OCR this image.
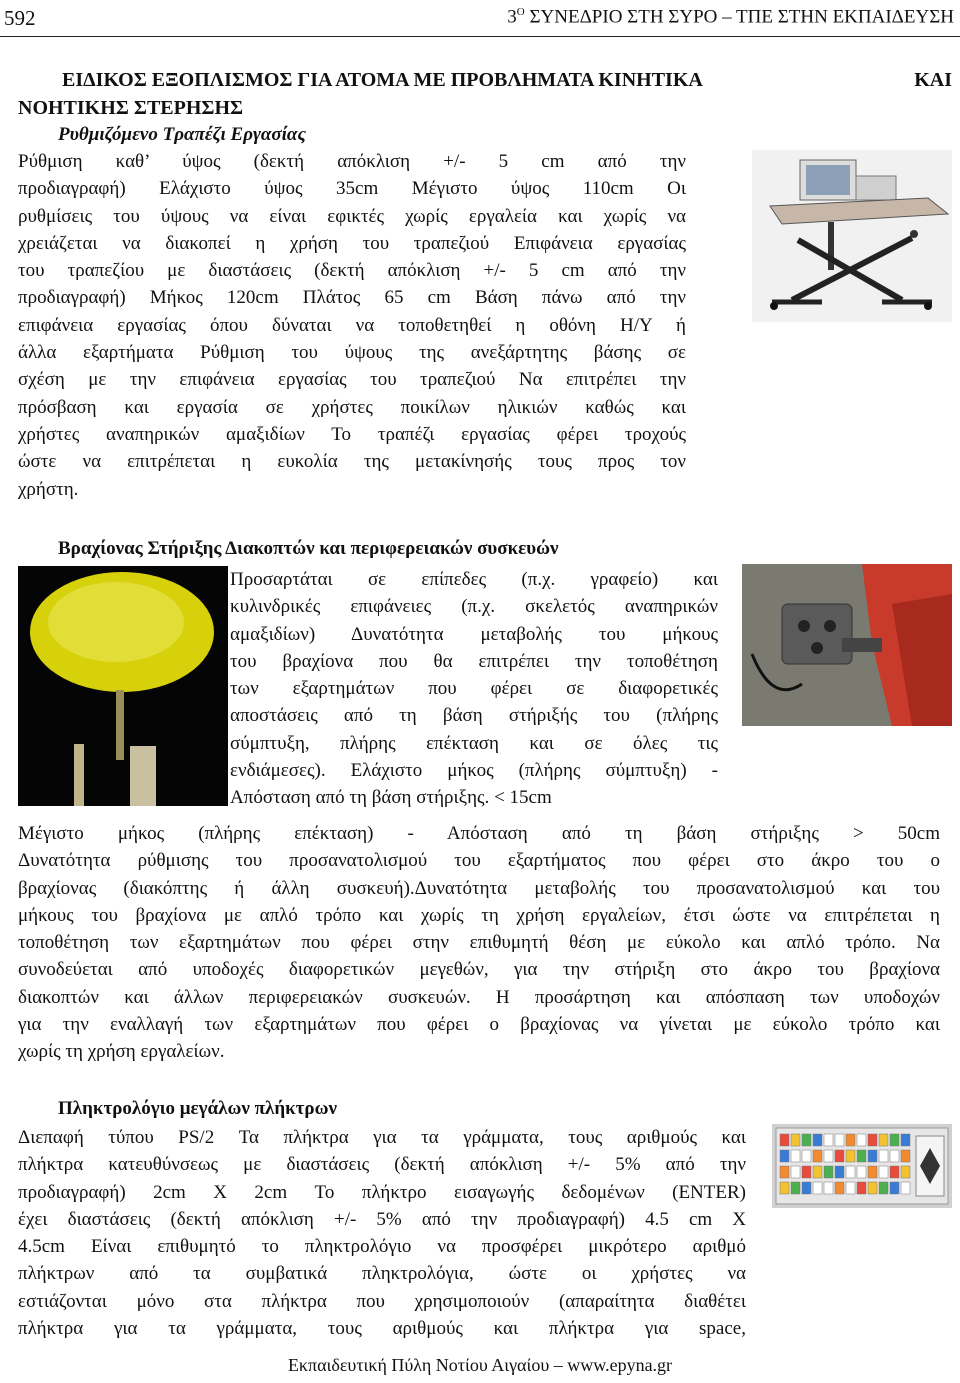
592	$3^O$ ΣΥΝΕΔΡΙΟ ΣΤΗ ΣΥΡΟ – ΤΠΕ ΣΤΗΝ ΕΚΠΑΙΔΕΥΣΗ
ΕΙΔΙΚΟΣ ΕΞΟΠΛΙΣΜΟΣ ΓΙΑ ΑΤΟΜΑ ΜΕ ΠΡΟΒΛΗΜΑΤΑ ΚΙΝΗΤΙΚΑ	ΚΑΙ
ΝΟΗΤΙΚΗΣ ΣΤΕΡΗΣΗΣ
Ρυθμιζόμενο Τραπέζι Εργασίας
Ρύθμιση καθ’ ύψος (δεκτή απόκλιση +/- 5 cm από την
προδιαγραφή) Ελάχιστο ύψος 35cm Μέγιστο ύψος 110cm Οι
ρυθμίσεις του ύψους να είναι εφικτές χωρίς εργαλεία και χωρίς να
χρειάζεται να διακοπεί η χρήση του τραπεζιού Επιφάνεια εργασίας
του τραπεζίου με διαστάσεις (δεκτή απόκλιση +/- 5 cm από την
προδιαγραφή) Μήκος 120cm Πλάτος 65 cm Βάση πάνω από την
επιφάνεια εργασίας όπου δύναται να τοποθετηθεί η οθόνη Η/Υ ή
άλλα εξαρτήματα Ρύθμιση του ύψους της ανεξάρτητης βάσης σε
σχέση με την επιφάνεια εργασίας του τραπεζιού Να επιτρέπει την
πρόσβαση και εργασία σε χρήστες ποικίλων ηλικιών καθώς και
χρήστες αναπηρικών αμαξιδίων Το τραπέζι εργασίας φέρει τροχούς
ώστε να επιτρέπεται η ευκολία της μετακίνησής τους προς τον
χρήστη.
Βραχίονας Στήριξης Διακοπτών και περιφερειακών συσκευών
Προσαρτάται σε επίπεδες (π.χ. γραφείο) και
κυλινδρικές επιφάνειες (π.χ. σκελετός αναπηρικών
αμαξιδίων) Δυνατότητα μεταβολής του μήκους
του βραχίονα που θα επιτρέπει την τοποθέτηση
των εξαρτημάτων που φέρει σε διαφορετικές
αποστάσεις από τη βάση στήριξής του (πλήρης
σύμπτυξη, πλήρης επέκταση και σε όλες τις
ενδιάμεσες). Ελάχιστο μήκος (πλήρης σύμπτυξη) -
Απόσταση από τη βάση στήριξης. < 15cm
Μέγιστο μήκος (πλήρης επέκταση) - Απόσταση από τη βάση στήριξης > 50cm
Δυνατότητα ρύθμισης του προσανατολισμού του εξαρτήματος που φέρει στο άκρο του ο
βραχίονας (διακόπτης ή άλλη συσκευή).Δυνατότητα μεταβολής του προσανατολισμού και του
μήκους του βραχίονα με απλό τρόπο και χωρίς τη χρήση εργαλείων, έτσι ώστε να επιτρέπεται η
τοποθέτηση των εξαρτημάτων που φέρει στην επιθυμητή θέση με εύκολο και απλό τρόπο. Να
συνοδεύεται από υποδοχές διαφορετικών μεγεθών, για την στήριξη στο άκρο του βραχίονα
διακοπτών και άλλων περιφερειακών συσκευών. Η προσάρτηση και απόσπαση των υποδοχών
για την εναλλαγή των εξαρτημάτων που φέρει ο βραχίονας να γίνεται με εύκολο τρόπο και
χωρίς τη χρήση εργαλείων.
Πληκτρολόγιο μεγάλων πλήκτρων
Διεπαφή τύπου PS/2 Τα πλήκτρα για τα γράμματα, τους αριθμούς και
πλήκτρα κατευθύνσεως με διαστάσεις (δεκτή απόκλιση +/- 5% από την
προδιαγραφή) 2cm X 2cm Το πλήκτρο εισαγωγής δεδομένων (ENTER)
έχει διαστάσεις (δεκτή απόκλιση +/- 5% από την προδιαγραφή) 4.5 cm X
4.5cm Είναι επιθυμητό το πληκτρολόγιο να προσφέρει μικρότερο αριθμό
πλήκτρων από τα συμβατικά πληκτρολόγια, ώστε οι χρήστες να
εστιάζονται μόνο στα πλήκτρα που χρησιμοποιούν (απαραίτητα διαθέτει
πλήκτρα για τα γράμματα, τους αριθμούς και πλήκτρα για space,
Εκπαιδευτική Πύλη Νοτίου Αιγαίου – www.epyna.gr
